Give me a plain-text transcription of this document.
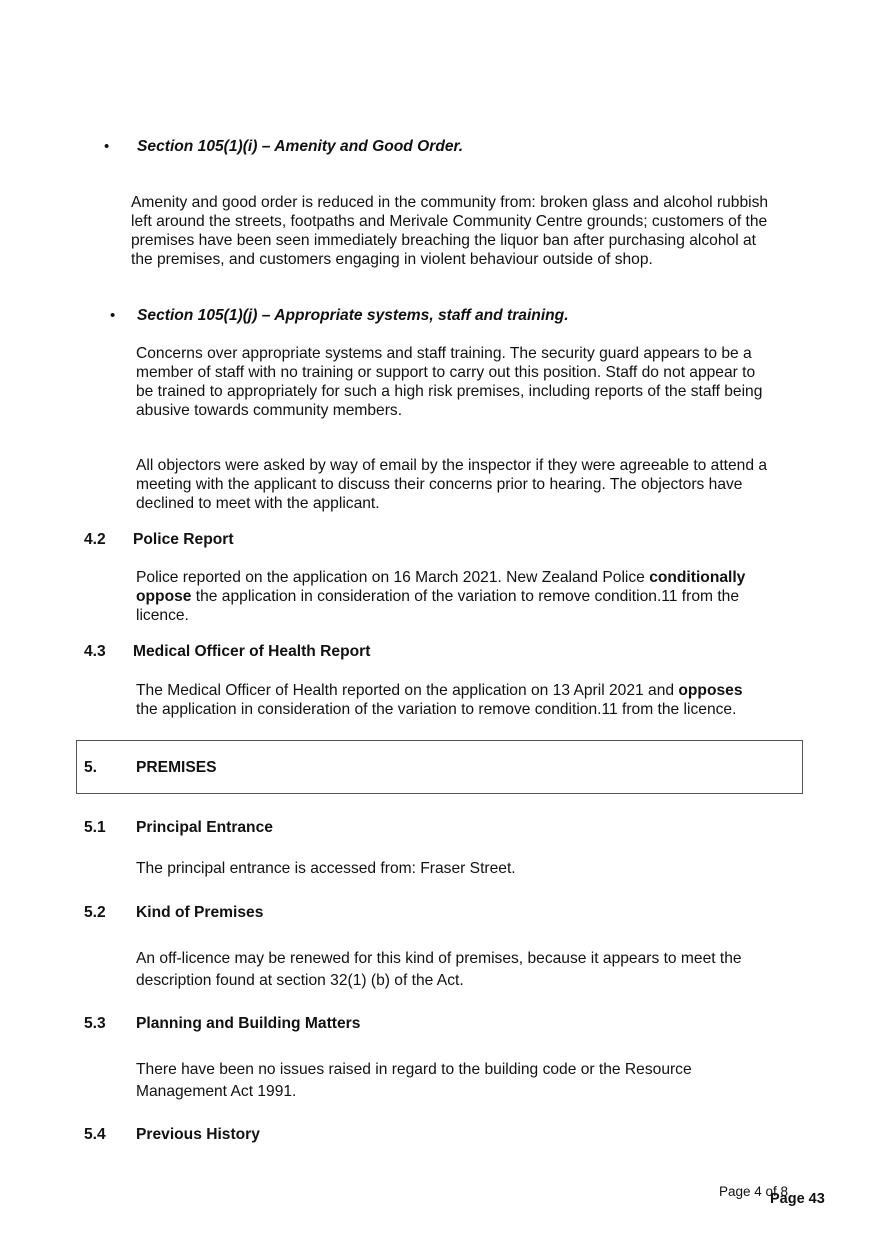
• Section 105(1)(i) – Amenity and Good Order.
Amenity and good order is reduced in the community from: broken glass and alcohol rubbish
left around the streets, footpaths and Merivale Community Centre grounds; customers of the
premises have been seen immediately breaching the liquor ban after purchasing alcohol at
the premises, and customers engaging in violent behaviour outside of shop.
• Section 105(1)(j) – Appropriate systems, staff and training.
Concerns over appropriate systems and staff training. The security guard appears to be a
member of staff with no training or support to carry out this position. Staff do not appear to
be trained to appropriately for such a high risk premises, including reports of the staff being
abusive towards community members.
All objectors were asked by way of email by the inspector if they were agreeable to attend a
meeting with the applicant to discuss their concerns prior to hearing. The objectors have
declined to meet with the applicant.
4.2 Police Report
Police reported on the application on 16 March 2021. New Zealand Police conditionally
oppose the application in consideration of the variation to remove condition.11 from the
licence.
4.3 Medical Officer of Health Report
The Medical Officer of Health reported on the application on 13 April 2021 and opposes
the application in consideration of the variation to remove condition.11 from the licence.
5. PREMISES
5.1 Principal Entrance
The principal entrance is accessed from: Fraser Street.
5.2 Kind of Premises
An off-licence may be renewed for this kind of premises, because it appears to meet the
description found at section 32(1) (b) of the Act.
5.3 Planning and Building Matters
There have been no issues raised in regard to the building code or the Resource
Management Act 1991.
5.4 Previous History
Page 4 of 8
Page 43
